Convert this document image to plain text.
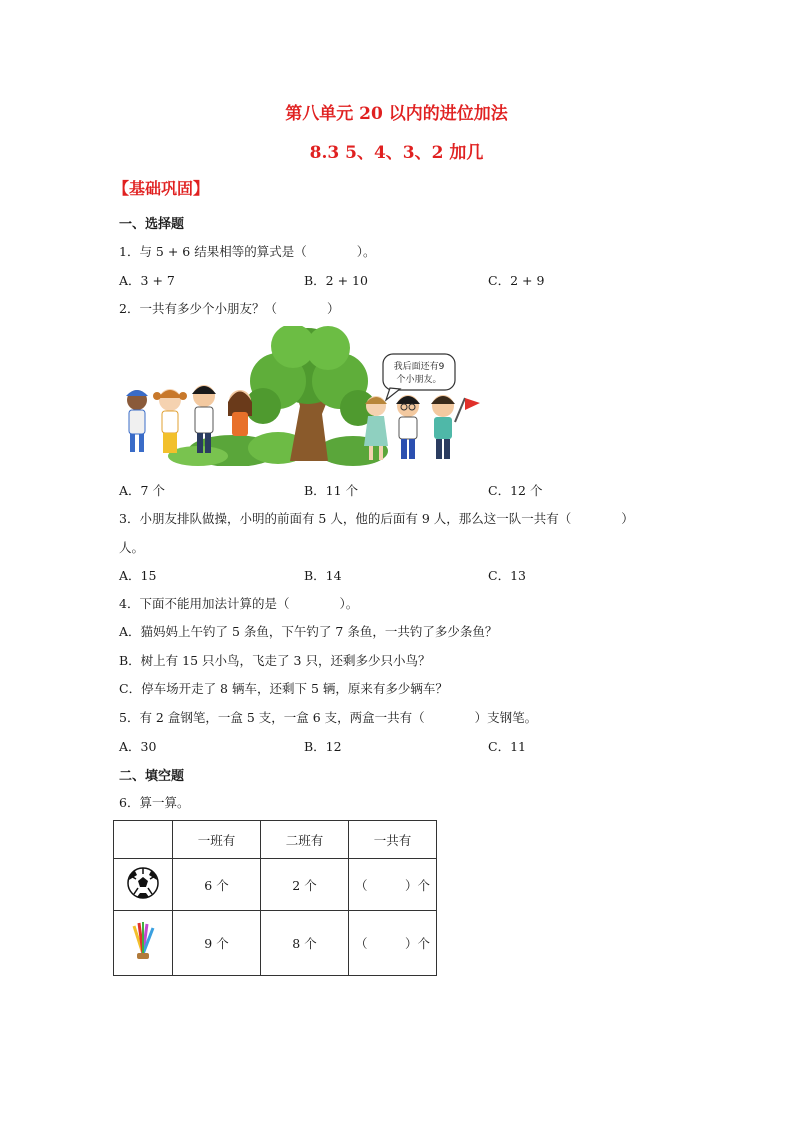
第八单元 20 以内的进位加法
8.3 5、4、3、2 加几
【基础巩固】
一、选择题
1．与 5 + 6 结果相等的算式是（　　　　）。
A．3 + 7	B．2 + 10	C．2 + 9
2．一共有多少个小朋友？（　　　　）
我后面还有9
个小朋友。
A．7 个	B．11 个	C．12 个
3．小朋友排队做操，小明的前面有 5 人，他的后面有 9 人，那么这一队一共有（　　　　）
人。
A．15	B．14	C．13
4．下面不能用加法计算的是（　　　　）。
A．猫妈妈上午钓了 5 条鱼，下午钓了 7 条鱼，一共钓了多少条鱼？
B．树上有 15 只小鸟，飞走了 3 只，还剩多少只小鸟？
C．停车场开走了 8 辆车，还剩下 5 辆，原来有多少辆车？
5．有 2 盒钢笔，一盒 5 支，一盒 6 支，两盒一共有（　　　　）支钢笔。
A．30	B．12	C．11
二、填空题
6．算一算。
	一班有	二班有	一共有
	6 个	2 个	（　　　）个
	9 个	8 个	（　　　）个
